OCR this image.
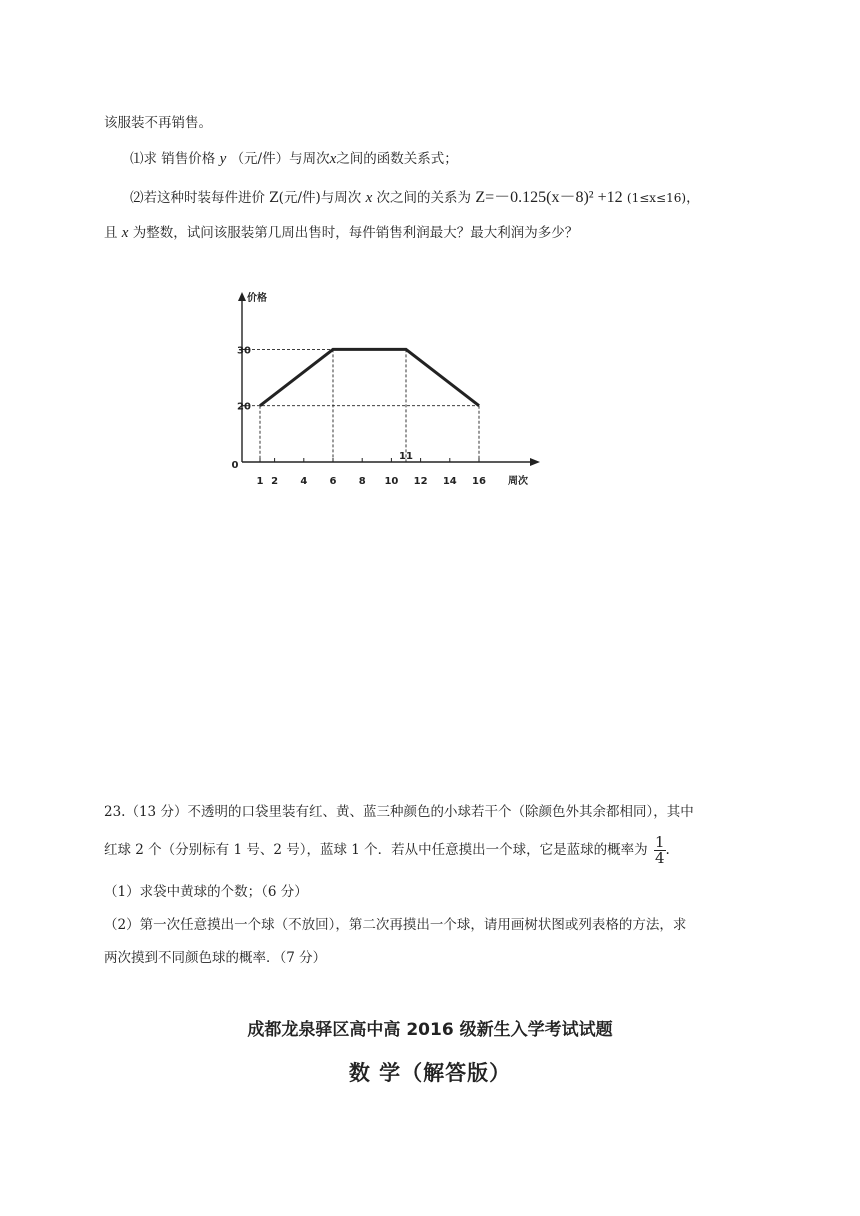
该服装不再销售。
⑴求 销售价格 y （元/件）与周次x之间的函数关系式；
⑵若这种时装每件进价 Z(元/件)与周次 x 次之间的关系为 Z=－0.125(x－8)² +12 (1≤x≤16)，
且 x 为整数，试问该服装第几周出售时，每件销售利润最大？最大利润为多少？
0
价格
周次
1 2 4 6 8 10
11
12 14 16
20
30
23.（13 分）不透明的口袋里装有红、黄、蓝三种颜色的小球若干个（除颜色外其余都相同），其中
红球 2 个（分别标有 1 号、2 号），蓝球 1 个．若从中任意摸出一个球，它是蓝球的概率为 $\frac{1}{4}$ .
（1）求袋中黄球的个数；（6 分）
（2）第一次任意摸出一个球（不放回），第二次再摸出一个球，请用画树状图或列表格的方法，求
两次摸到不同颜色球的概率．（7 分）
成都龙泉驿区高中高 2016 级新生入学考试试题
数 学（解答版）
